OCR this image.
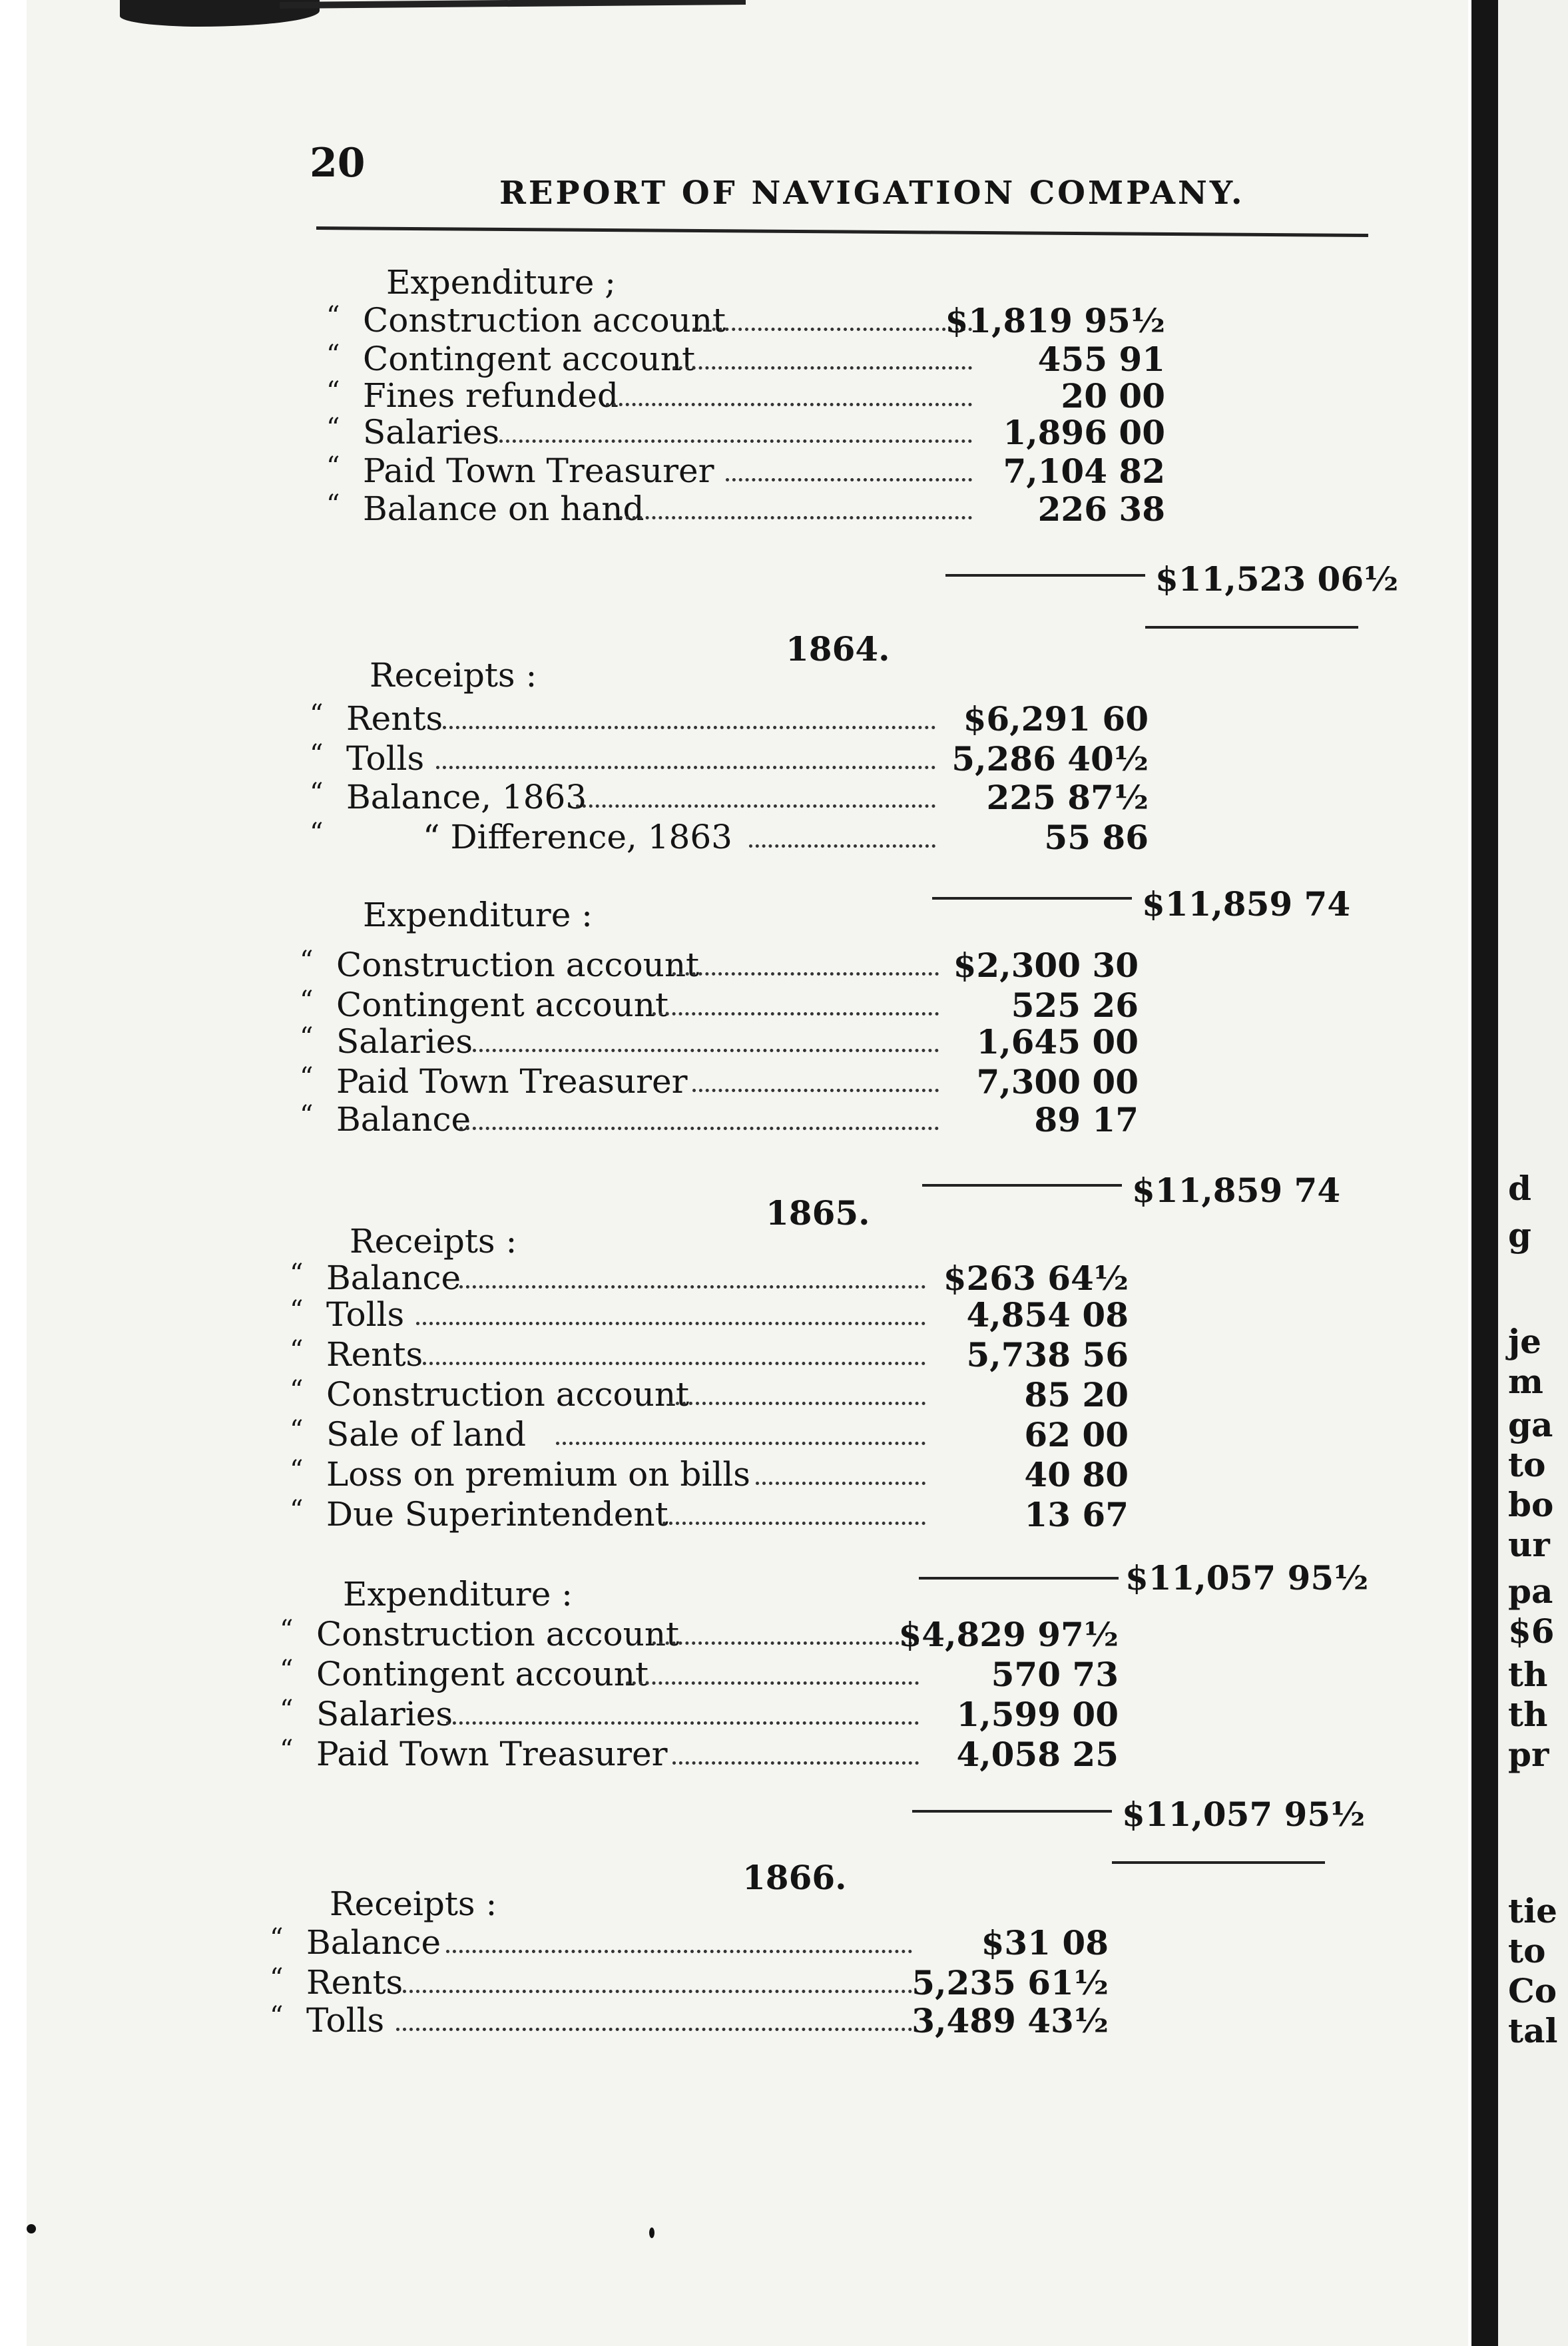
20
REPORT OF NAVIGATION COMPANY.
Expenditure ;
“ Construction account	$1,819 95½
“ Contingent account	455 91
“ Fines refunded	20 00
“ Salaries	1,896 00
“ Paid Town Treasurer	7,104 82
“ Balance on hand	226 38
$11,523 06½
1864.
Receipts :
“ Rents	$6,291 60
“ Tolls	5,286 40½
“ Balance, 1863	225 87½
“	“ Difference, 1863	55 86
$11,859 74
Expenditure :
“ Construction account	$2,300 30
“ Contingent account	525 26
“ Salaries	1,645 00
“ Paid Town Treasurer	7,300 00
“ Balance	89 17
$11,859 74
1865.
Receipts :
“ Balance	$263 64½
“ Tolls	4,854 08
“ Rents	5,738 56
“ Construction account	85 20
“ Sale of land	62 00
“ Loss on premium on bills	40 80
“ Due Superintendent	13 67
$11,057 95½
Expenditure :
“ Construction account	$4,829 97½
“ Contingent account	570 73
“ Salaries	1,599 00
“ Paid Town Treasurer	4,058 25
$11,057 95½
1866.
Receipts :
“ Balance	$31 08
“ Rents	5,235 61½
“ Tolls	3,489 43½
d
g
je
m
ga
to
bo
ur
pa
$6
th
th
pr
tie
to
Co
tal
